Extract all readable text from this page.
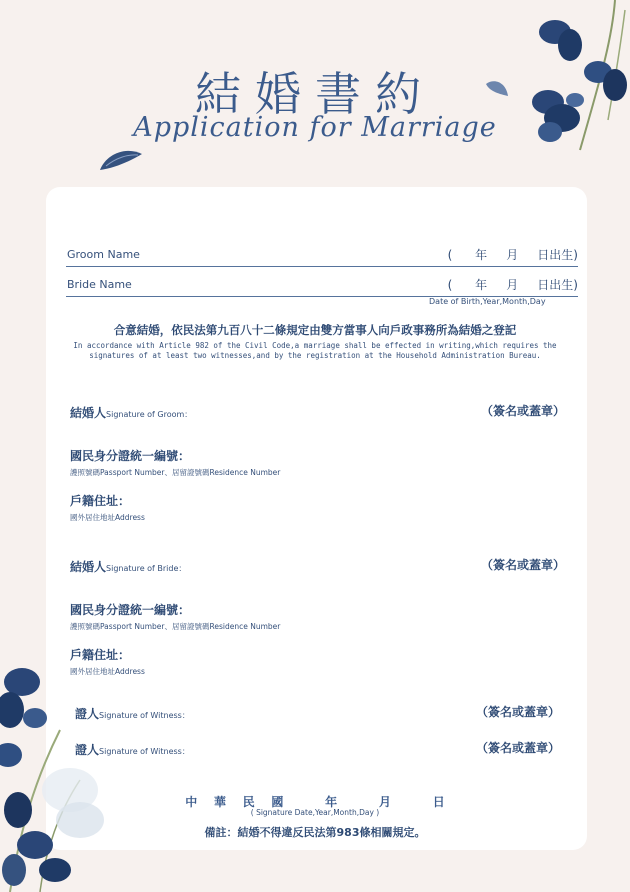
結婚書約
Application for Marriage
Groom Name	(      年     月     日出生)
Bride Name	(      年     月     日出生)
Date of Birth,Year,Month,Day
合意結婚，依民法第九百八十二條規定由雙方當事人向戶政事務所為結婚之登記
In accordance with Article 982 of the Civil Code,a marriage shall be effected in writing,which requires the
signatures of at least two witnesses,and by the registration at the Household Administration Bureau.
結婚人Signature of Groom：	（簽名或蓋章）
國民身分證統一編號：
護照號碼Passport Number、居留證號碼Residence Number
戶籍住址：
國外居住地址Address
結婚人Signature of Bride：	（簽名或蓋章）
國民身分證統一編號：
護照號碼Passport Number、居留證號碼Residence Number
戶籍住址：
國外居住地址Address
證人Signature of Witness：	（簽名或蓋章）
證人Signature of Witness：	（簽名或蓋章）
中    華    民    國          年          月          日
( Signature Date,Year,Month,Day )
備註：結婚不得違反民法第983條相關規定。
